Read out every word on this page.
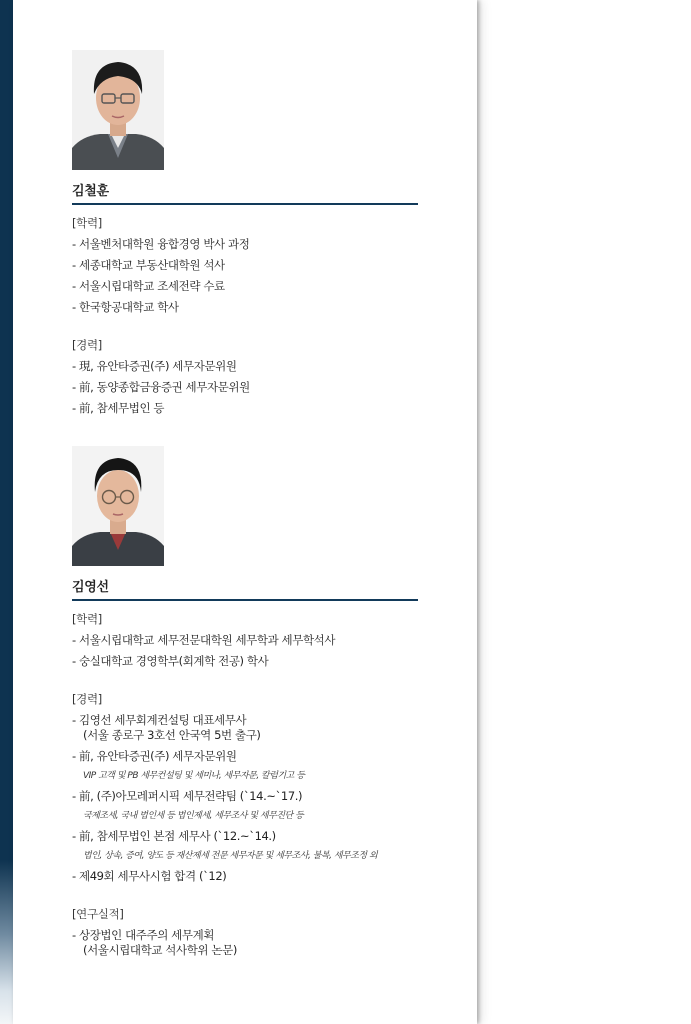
김철훈
[학력]
- 서울벤처대학원 융합경영 박사 과정
- 세종대학교 부동산대학원 석사
- 서울시립대학교 조세전략 수료
- 한국항공대학교 학사
[경력]
- 現, 유안타증권(주) 세무자문위원
- 前, 동양종합금융증권 세무자문위원
- 前, 참세무법인 등
김영선
[학력]
- 서울시립대학교 세무전문대학원 세무학과 세무학석사
- 숭실대학교 경영학부(회계학 전공) 학사
[경력]
- 김영선 세무회계컨설팅 대표세무사
(서울 종로구 3호선 안국역 5번 출구)
- 前, 유안타증권(주) 세무자문위원
VIP 고객 및 PB 세무컨설팅 및 세미나, 세무자문, 칼럼기고 등
- 前, (주)아모레퍼시픽 세무전략팀 (`14.~`17.)
국제조세, 국내 법인세 등 법인제세, 세무조사 및 세무진단 등
- 前, 참세무법인 본점 세무사 (`12.~`14.)
법인, 상속, 증여, 양도 등 재산제세 전문 세무자문 및 세무조사, 불복, 세무조정 외
- 제49회 세무사시험 합격 (`12)
[연구실적]
- 상장법인 대주주의 세무계획
(서울시립대학교 석사학위 논문)
